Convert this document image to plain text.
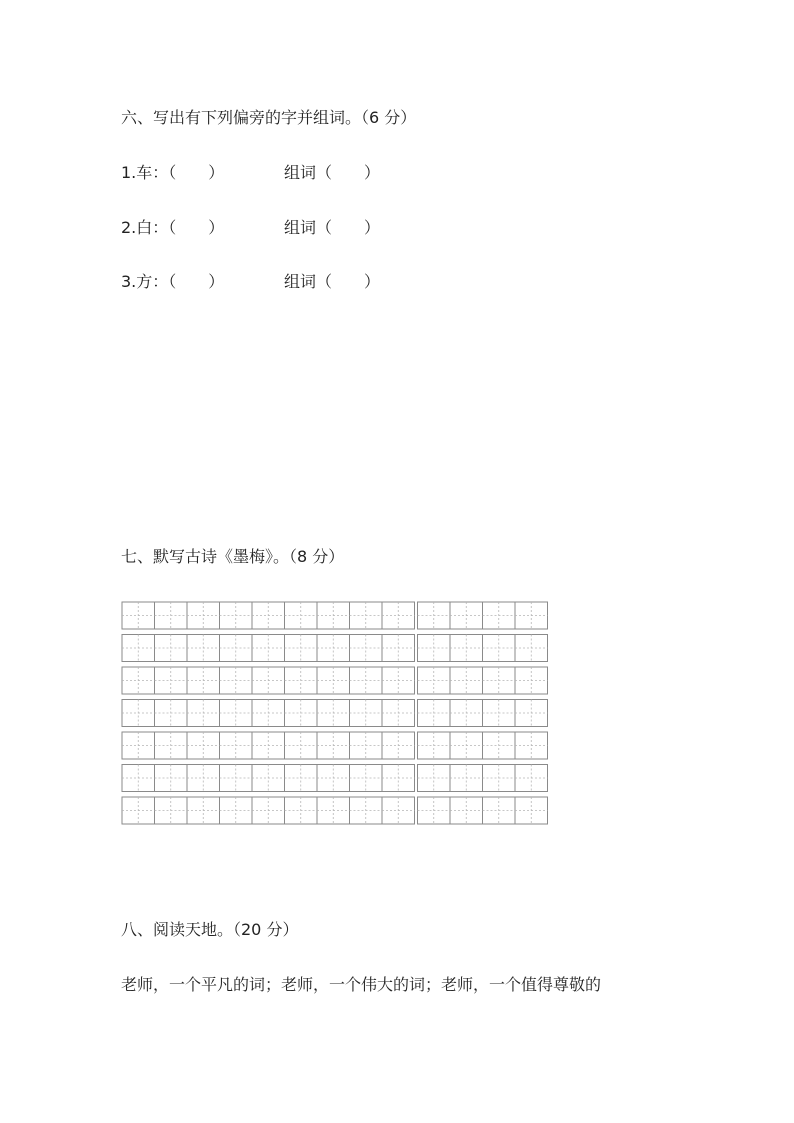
六、写出有下列偏旁的字并组词。（6 分）
1.车：（　　）	组词（　　）
2.白：（　　）	组词（　　）
3.方：（　　）	组词（　　）
七、默写古诗《墨梅》。（8 分）
八、阅读天地。（20 分）
老师，一个平凡的词；老师，一个伟大的词；老师，一个值得尊敬的
